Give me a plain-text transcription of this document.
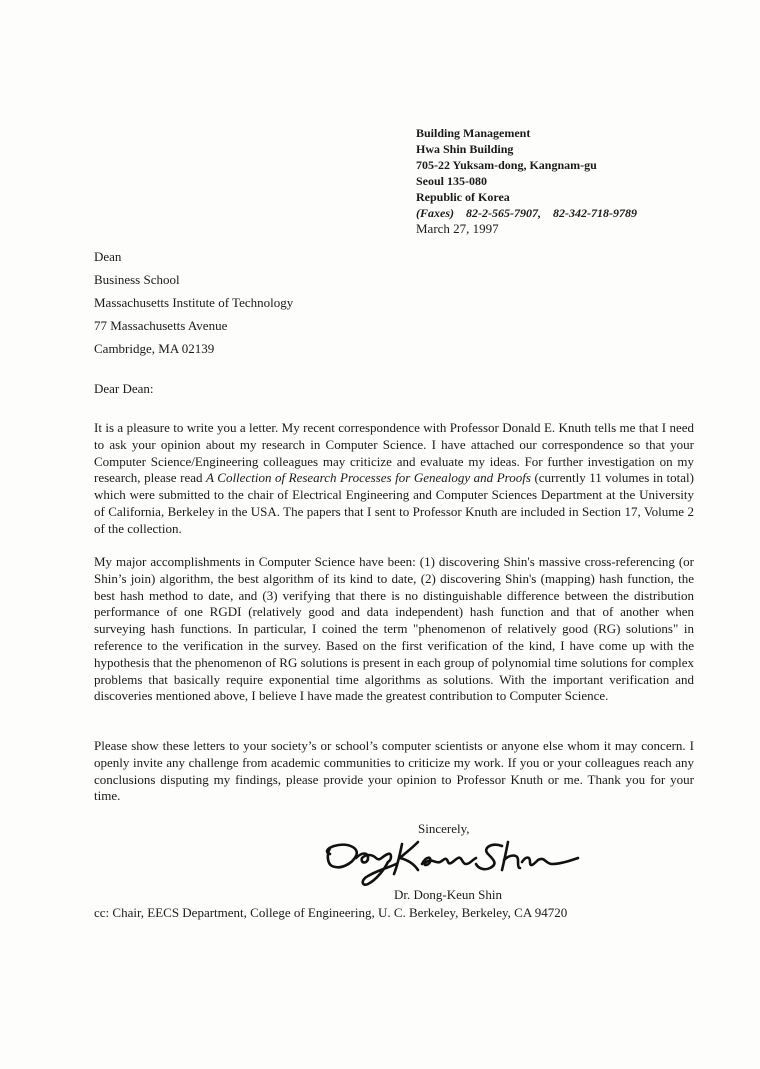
Building Management
Hwa Shin Building
705-22 Yuksam-dong, Kangnam-gu
Seoul 135-080
Republic of Korea
(Faxes) 82-2-565-7907, 82-342-718-9789
March 27, 1997
Dean
Business School
Massachusetts Institute of Technology
77 Massachusetts Avenue
Cambridge, MA 02139
Dear Dean:
It is a pleasure to write you a letter. My recent correspondence with Professor Donald E. Knuth tells me that I need to ask your opinion about my research in Computer Science. I have attached our correspondence so that your Computer Science/Engineering colleagues may criticize and evaluate my ideas. For further investigation on my research, please read A Collection of Research Processes for Genealogy and Proofs (currently 11 volumes in total) which were submitted to the chair of Electrical Engineering and Computer Sciences Department at the University of California, Berkeley in the USA. The papers that I sent to Professor Knuth are included in Section 17, Volume 2 of the collection.
My major accomplishments in Computer Science have been: (1) discovering Shin's massive cross-referencing (or Shin’s join) algorithm, the best algorithm of its kind to date, (2) discovering Shin's (mapping) hash function, the best hash method to date, and (3) verifying that there is no distinguishable difference between the distribution performance of one RGDI (relatively good and data independent) hash function and that of another when surveying hash functions. In particular, I coined the term "phenomenon of relatively good (RG) solutions" in reference to the verification in the survey. Based on the first verification of the kind, I have come up with the hypothesis that the phenomenon of RG solutions is present in each group of polynomial time solutions for complex problems that basically require exponential time algorithms as solutions. With the important verification and discoveries mentioned above, I believe I have made the greatest contribution to Computer Science.
Please show these letters to your society’s or school’s computer scientists or anyone else whom it may concern. I openly invite any challenge from academic communities to criticize my work. If you or your colleagues reach any conclusions disputing my findings, please provide your opinion to Professor Knuth or me. Thank you for your time.
Sincerely,
Dr. Dong-Keun Shin
cc: Chair, EECS Department, College of Engineering, U. C. Berkeley, Berkeley, CA 94720
